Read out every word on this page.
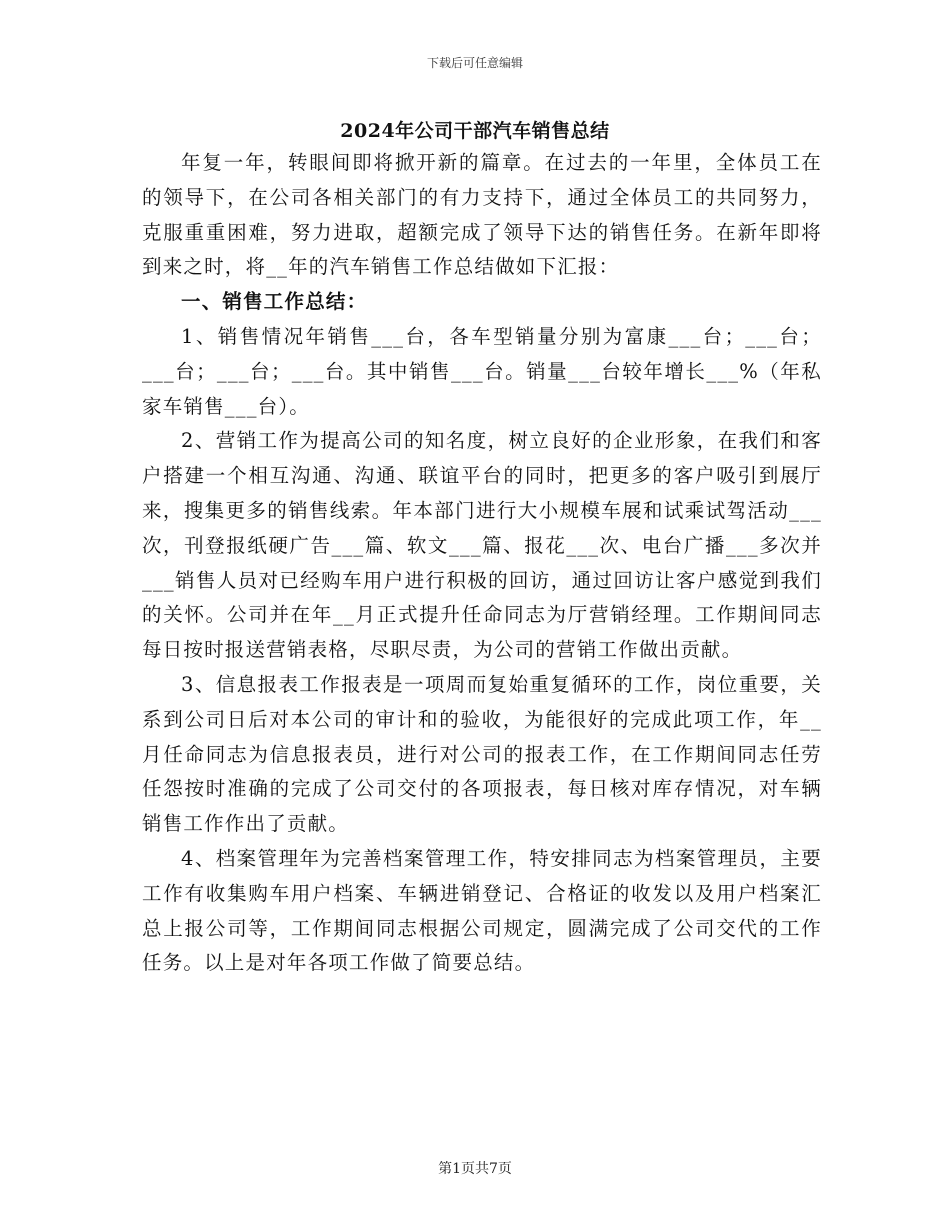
下载后可任意编辑
2024年公司干部汽车销售总结

年复一年，转眼间即将掀开新的篇章。在过去的一年里，全体员工在的领导下，在公司各相关部门的有力支持下，通过全体员工的共同努力，克服重重困难，努力进取，超额完成了领导下达的销售任务。在新年即将到来之时，将__年的汽车销售工作总结做如下汇报：

一、销售工作总结：

1、销售情况年销售___台，各车型销量分别为富康___台；___台；___台；___台；___台。其中销售___台。销量___台较年增长___%（年私家车销售___台）。

2、营销工作为提高公司的知名度，树立良好的企业形象，在我们和客户搭建一个相互沟通、沟通、联谊平台的同时，把更多的客户吸引到展厅来，搜集更多的销售线索。年本部门进行大小规模车展和试乘试驾活动___次，刊登报纸硬广告___篇、软文___篇、报花___次、电台广播___多次并___销售人员对已经购车用户进行积极的回访，通过回访让客户感觉到我们的关怀。公司并在年__月正式提升任命同志为厅营销经理。工作期间同志每日按时报送营销表格，尽职尽责，为公司的营销工作做出贡献。

3、信息报表工作报表是一项周而复始重复循环的工作，岗位重要，关系到公司日后对本公司的审计和的验收，为能很好的完成此项工作，年__月任命同志为信息报表员，进行对公司的报表工作，在工作期间同志任劳任怨按时准确的完成了公司交付的各项报表，每日核对库存情况，对车辆销售工作作出了贡献。

4、档案管理年为完善档案管理工作，特安排同志为档案管理员，主要工作有收集购车用户档案、车辆进销登记、合格证的收发以及用户档案汇总上报公司等，工作期间同志根据公司规定，圆满完成了公司交代的工作任务。以上是对年各项工作做了简要总结。

第1页共7页
